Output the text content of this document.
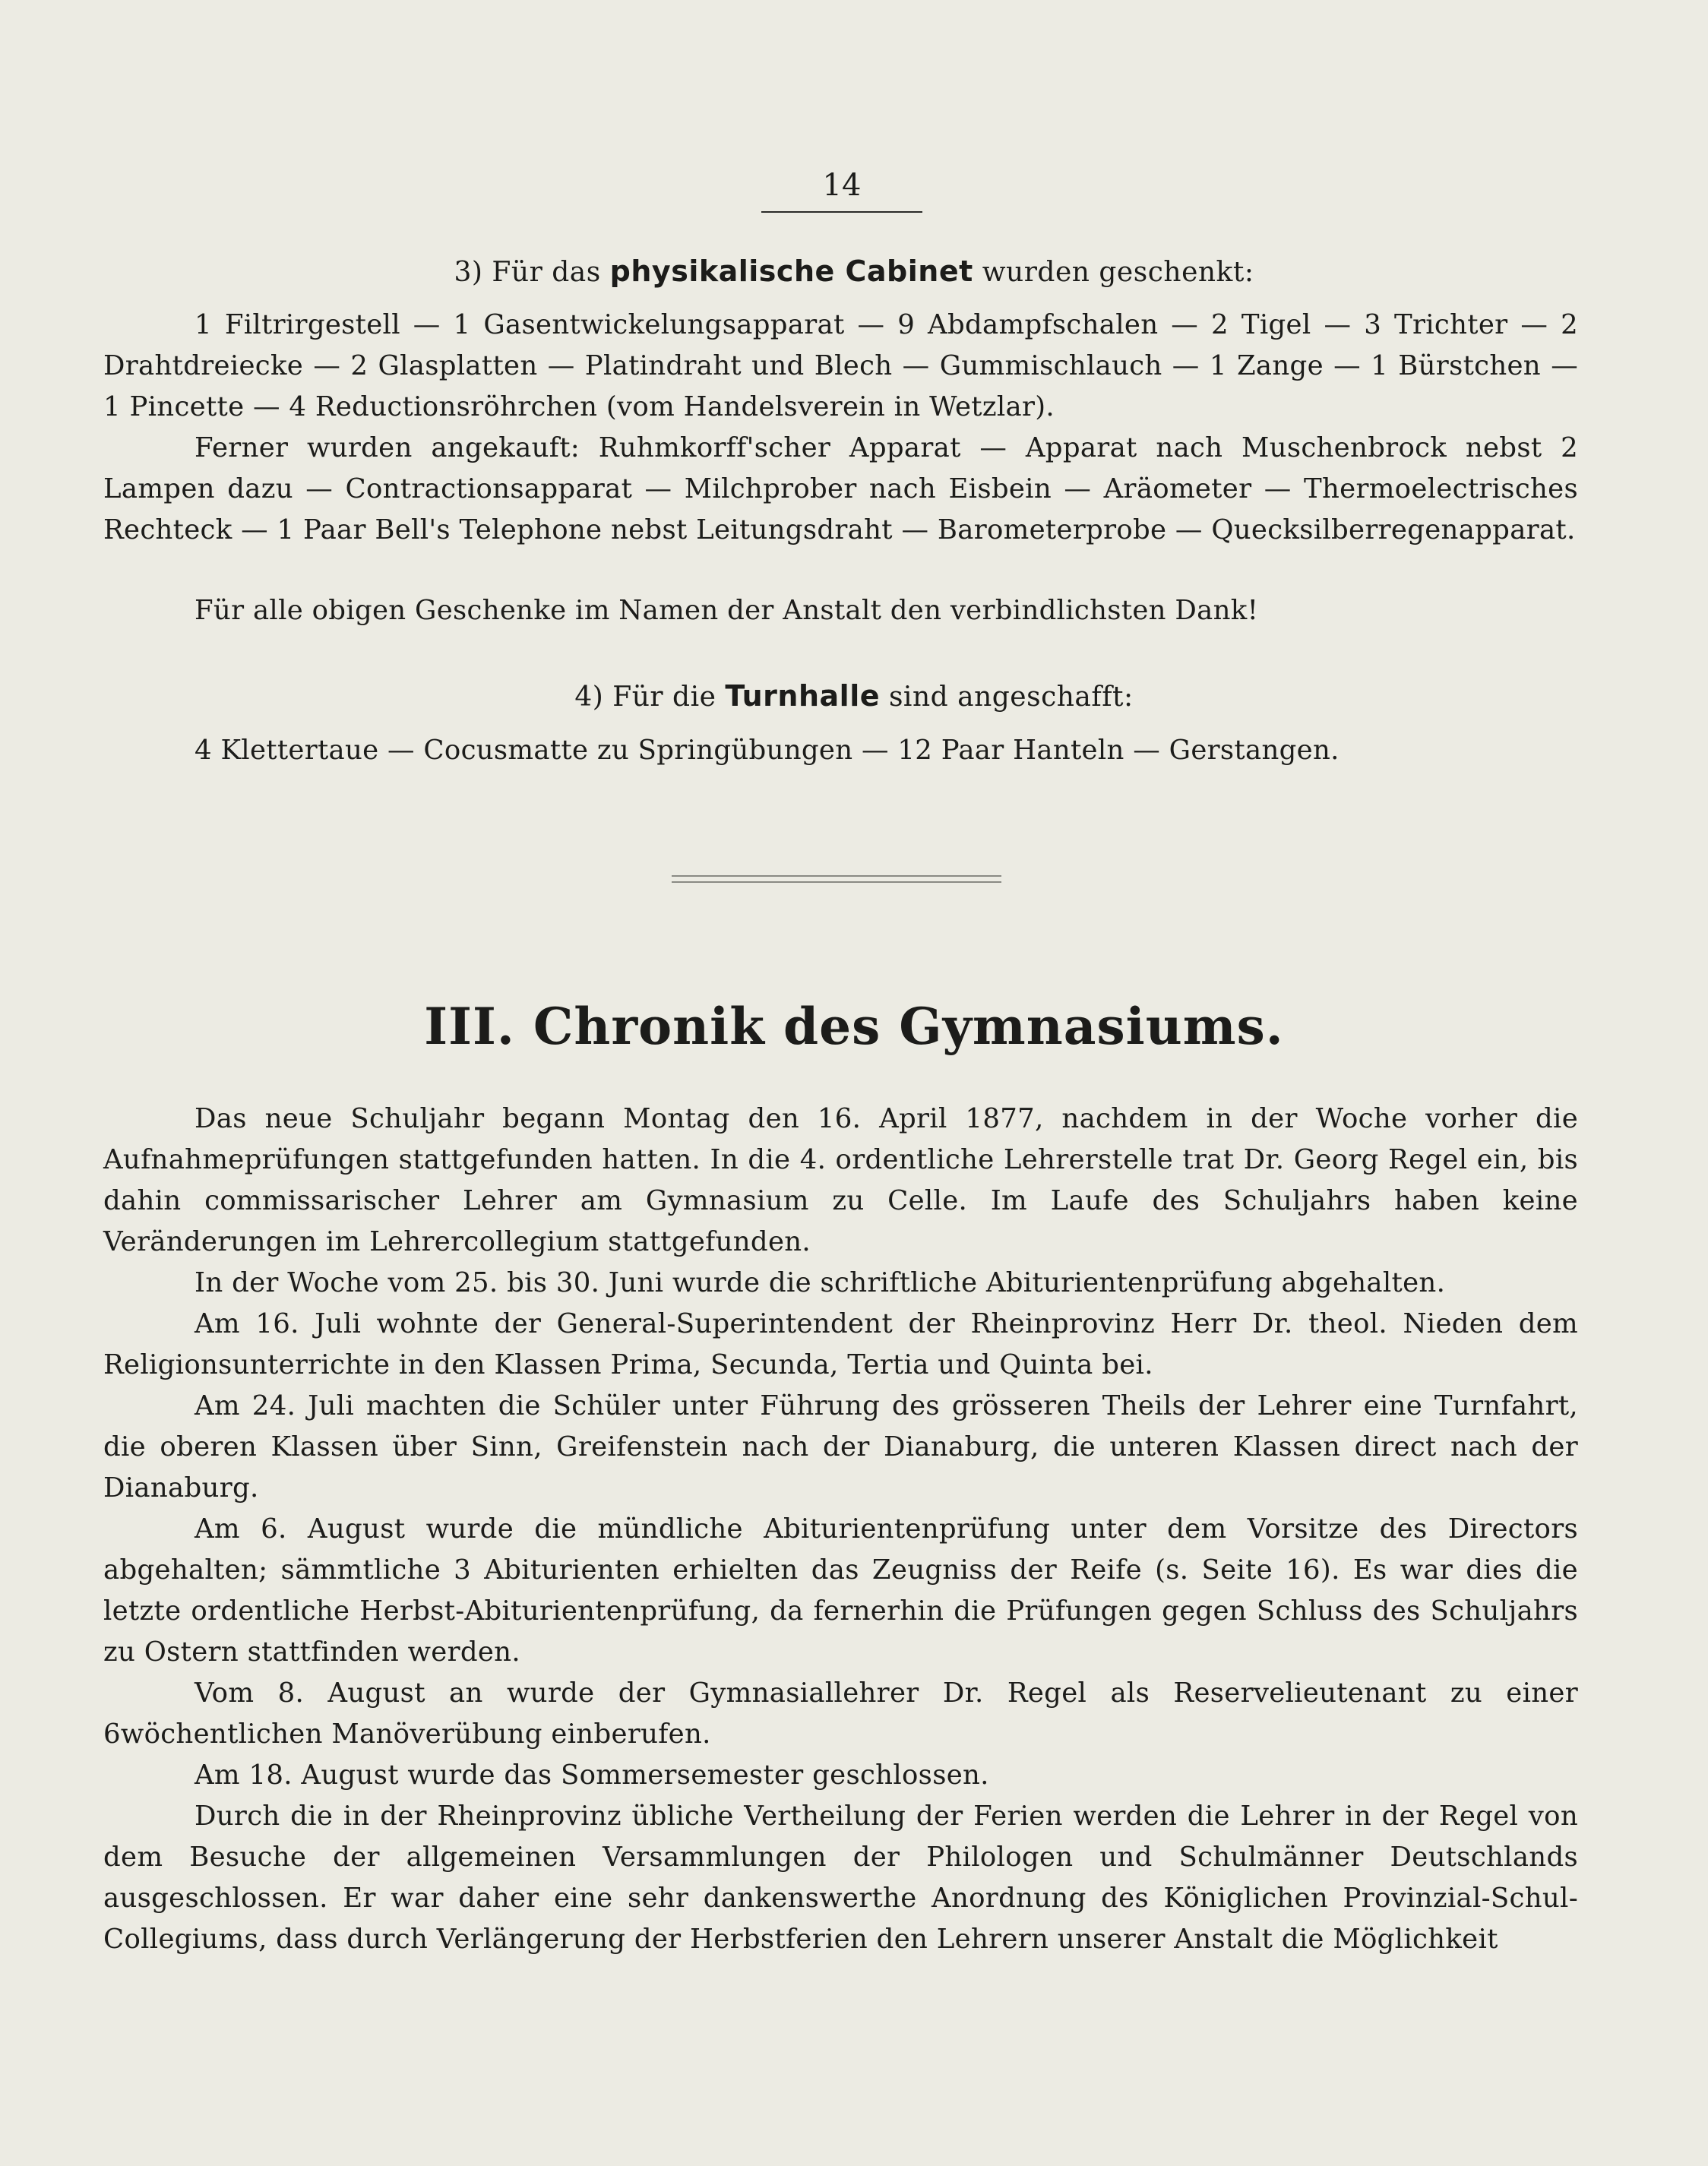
14
3) Für das physikalische Cabinet wurden geschenkt:
1 Filtrirgestell — 1 Gasentwickelungsapparat — 9 Abdampfschalen — 2 Tigel — 3 Trichter — 2 Drahtdreiecke — 2 Glasplatten — Platindraht und Blech — Gummischlauch — 1 Zange — 1 Bürstchen — 1 Pincette — 4 Reductionsröhrchen (vom Handelsverein in Wetzlar).
Ferner wurden angekauft: Ruhmkorff'scher Apparat — Apparat nach Muschenbrock nebst 2 Lampen dazu — Contractionsapparat — Milchprober nach Eisbein — Aräometer — Thermoelectrisches Rechteck — 1 Paar Bell's Telephone nebst Leitungsdraht — Barometerprobe — Quecksilberregenapparat.
Für alle obigen Geschenke im Namen der Anstalt den verbindlichsten Dank!
4) Für die Turnhalle sind angeschafft:
4 Klettertaue — Cocusmatte zu Springübungen — 12 Paar Hanteln — Gerstangen.
III. Chronik des Gymnasiums.
Das neue Schuljahr begann Montag den 16. April 1877, nachdem in der Woche vorher die Aufnahmeprüfungen stattgefunden hatten. In die 4. ordentliche Lehrerstelle trat Dr. Georg Regel ein, bis dahin commissarischer Lehrer am Gymnasium zu Celle. Im Laufe des Schuljahrs haben keine Veränderungen im Lehrercollegium stattgefunden.
In der Woche vom 25. bis 30. Juni wurde die schriftliche Abiturientenprüfung abgehalten.
Am 16. Juli wohnte der General-Superintendent der Rheinprovinz Herr Dr. theol. Nieden dem Religionsunterrichte in den Klassen Prima, Secunda, Tertia und Quinta bei.
Am 24. Juli machten die Schüler unter Führung des grösseren Theils der Lehrer eine Turnfahrt, die oberen Klassen über Sinn, Greifenstein nach der Dianaburg, die unteren Klassen direct nach der Dianaburg.
Am 6. August wurde die mündliche Abiturientenprüfung unter dem Vorsitze des Directors abgehalten; sämmtliche 3 Abiturienten erhielten das Zeugniss der Reife (s. Seite 16). Es war dies die letzte ordentliche Herbst-Abiturientenprüfung, da fernerhin die Prüfungen gegen Schluss des Schuljahrs zu Ostern stattfinden werden.
Vom 8. August an wurde der Gymnasiallehrer Dr. Regel als Reservelieutenant zu einer 6wöchentlichen Manöverübung einberufen.
Am 18. August wurde das Sommersemester geschlossen.
Durch die in der Rheinprovinz übliche Vertheilung der Ferien werden die Lehrer in der Regel von dem Besuche der allgemeinen Versammlungen der Philologen und Schulmänner Deutschlands ausgeschlossen. Er war daher eine sehr dankenswerthe Anordnung des Königlichen Provinzial-Schul-Collegiums, dass durch Verlängerung der Herbstferien den Lehrern unserer Anstalt die Möglichkeit
